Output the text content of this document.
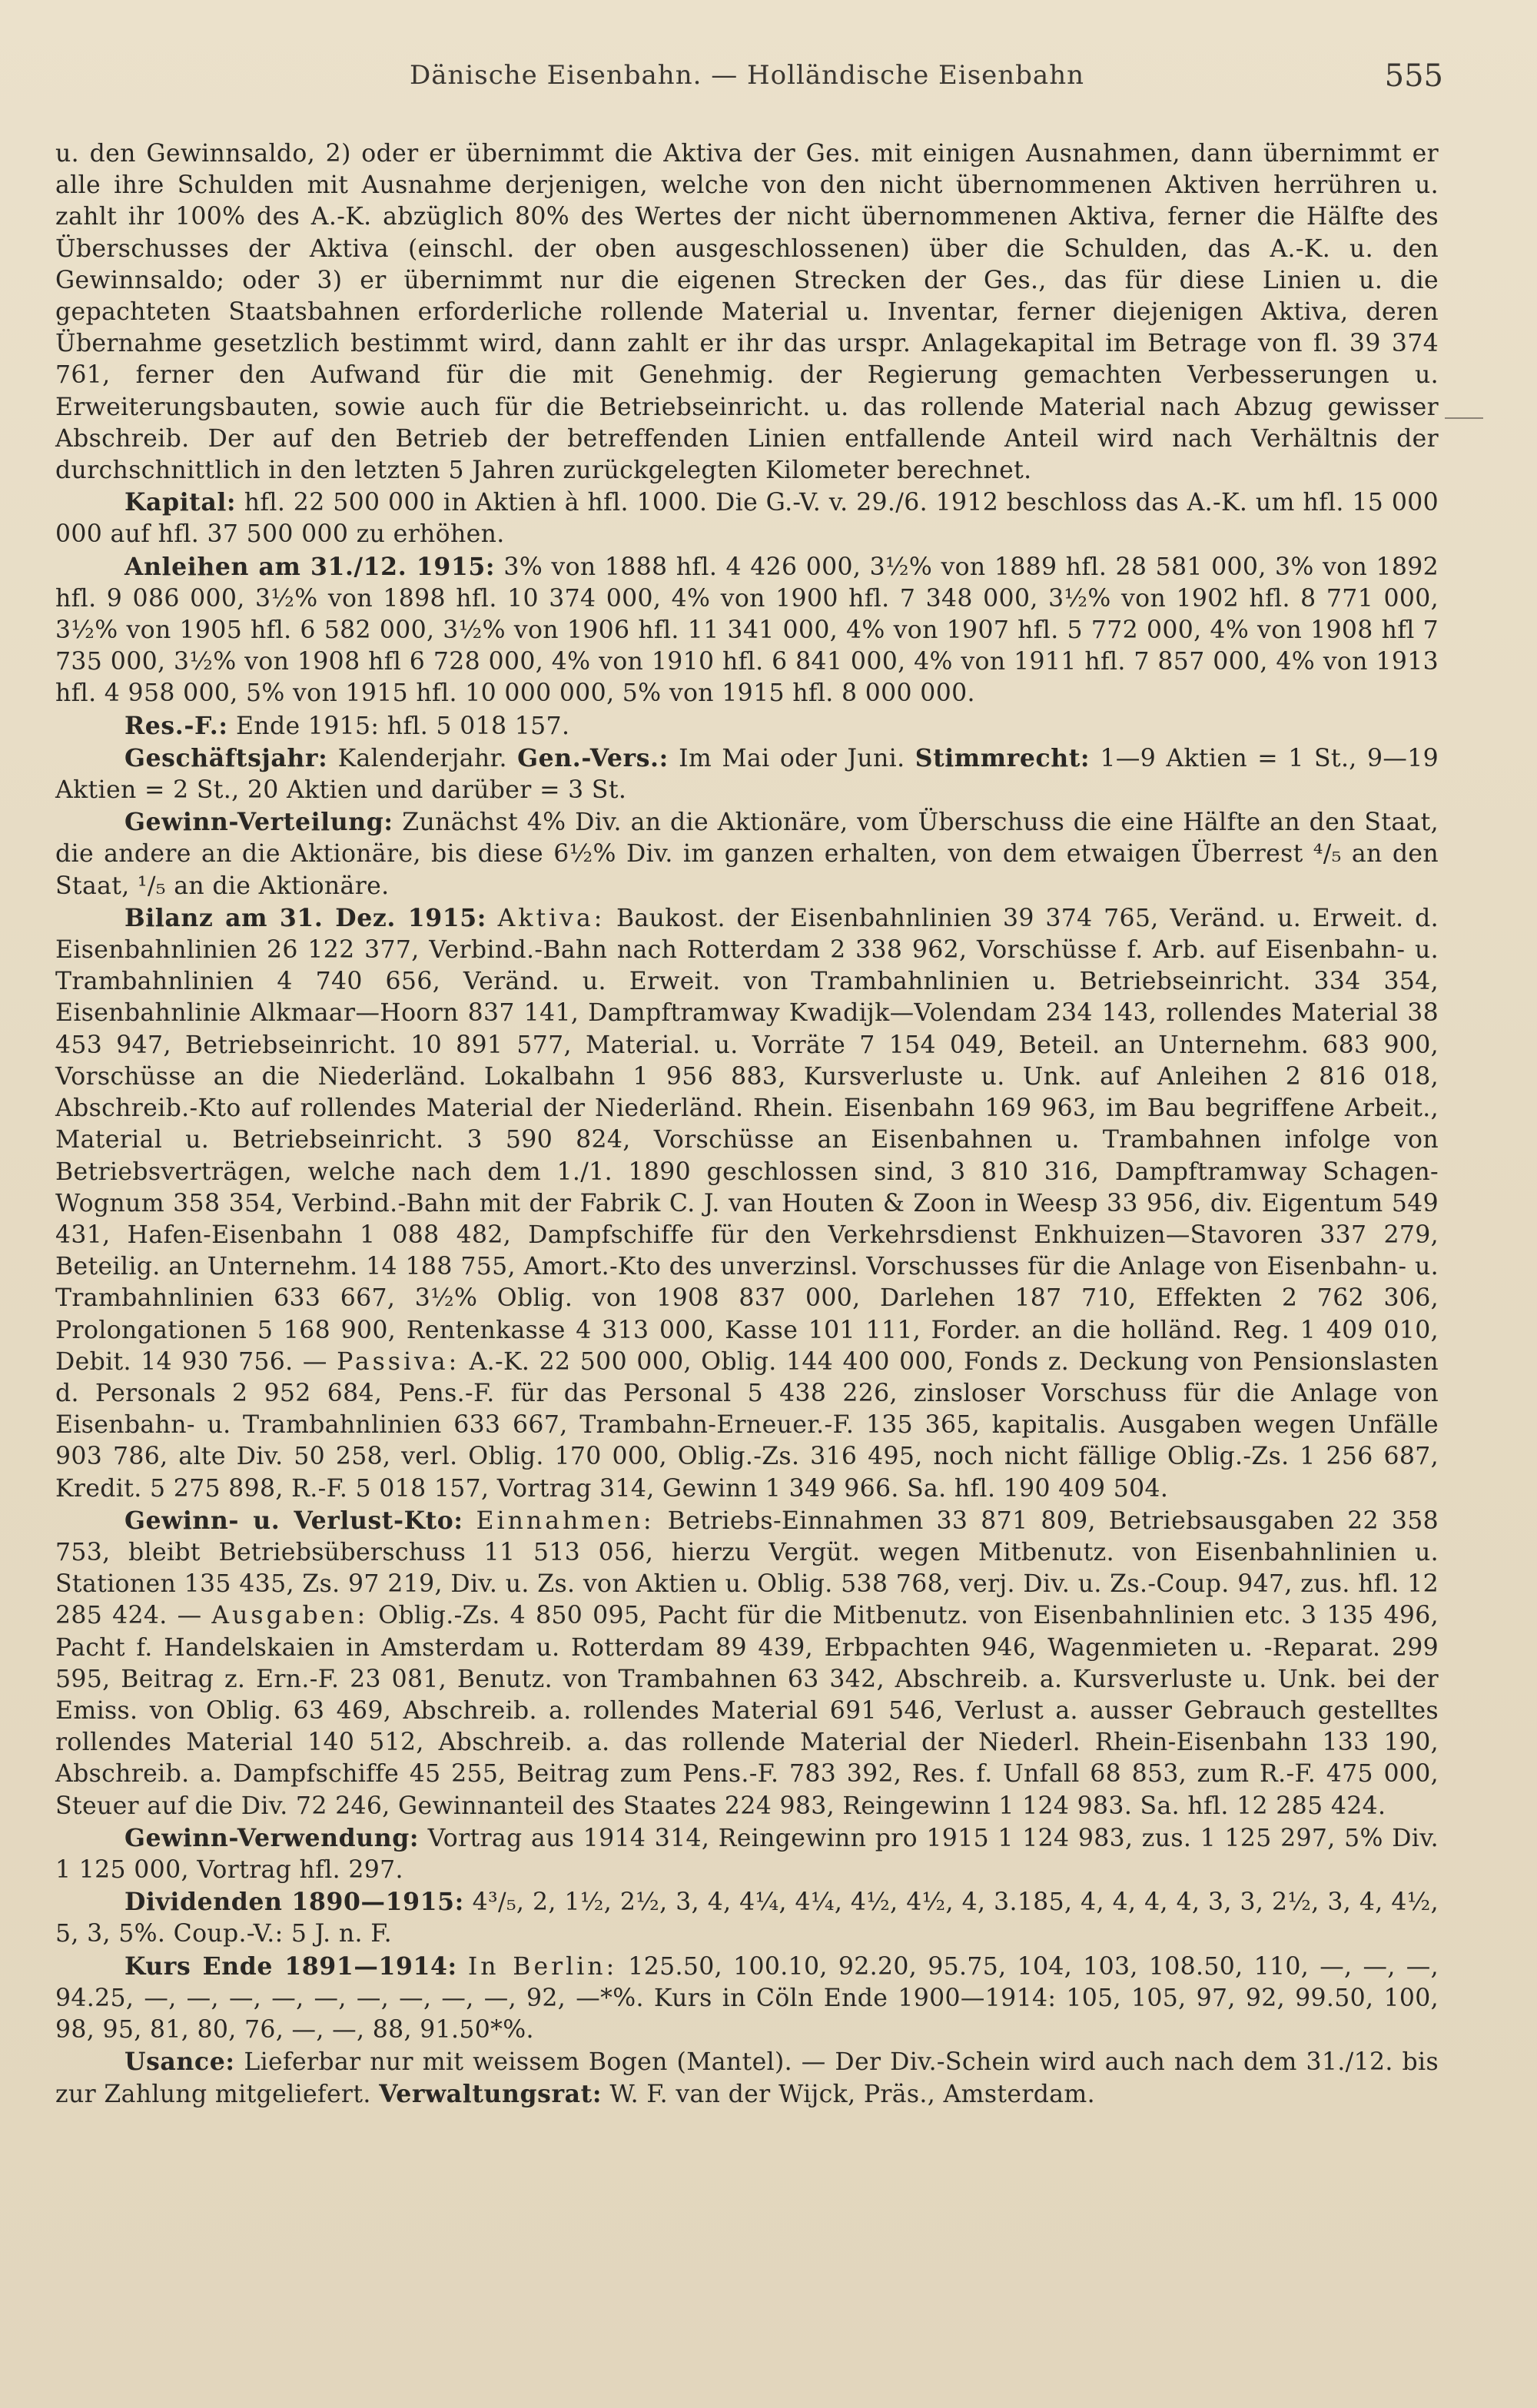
Dänische Eisenbahn. — Holländische Eisenbahn	555

u. den Gewinnsaldo, 2) oder er übernimmt die Aktiva der Ges. mit einigen Ausnahmen, dann übernimmt er alle ihre Schulden mit Ausnahme derjenigen, welche von den nicht übernommenen Aktiven herrühren u. zahlt ihr 100% des A.-K. abzüglich 80% des Wertes der nicht übernommenen Aktiva, ferner die Hälfte des Überschusses der Aktiva (einschl. der oben ausgeschlossenen) über die Schulden, das A.-K. u. den Gewinnsaldo; oder 3) er übernimmt nur die eigenen Strecken der Ges., das für diese Linien u. die gepachteten Staatsbahnen erforderliche rollende Material u. Inventar, ferner diejenigen Aktiva, deren Übernahme gesetzlich bestimmt wird, dann zahlt er ihr das urspr. Anlagekapital im Betrage von fl. 39 374 761, ferner den Aufwand für die mit Genehmig. der Regierung gemachten Verbesserungen u. Erweiterungsbauten, sowie auch für die Betriebseinricht. u. das rollende Material nach Abzug gewisser Abschreib. Der auf den Betrieb der betreffenden Linien entfallende Anteil wird nach Verhältnis der durchschnittlich in den letzten 5 Jahren zurückgelegten Kilometer berechnet.

Kapital: hfl. 22 500 000 in Aktien à hfl. 1000. Die G.-V. v. 29./6. 1912 beschloss das A.-K. um hfl. 15 000 000 auf hfl. 37 500 000 zu erhöhen.

Anleihen am 31./12. 1915: 3% von 1888 hfl. 4 426 000, 3½% von 1889 hfl. 28 581 000, 3% von 1892 hfl. 9 086 000, 3½% von 1898 hfl. 10 374 000, 4% von 1900 hfl. 7 348 000, 3½% von 1902 hfl. 8 771 000, 3½% von 1905 hfl. 6 582 000, 3½% von 1906 hfl. 11 341 000, 4% von 1907 hfl. 5 772 000, 4% von 1908 hfl 7 735 000, 3½% von 1908 hfl 6 728 000, 4% von 1910 hfl. 6 841 000, 4% von 1911 hfl. 7 857 000, 4% von 1913 hfl. 4 958 000, 5% von 1915 hfl. 10 000 000, 5% von 1915 hfl. 8 000 000.

Res.-F.: Ende 1915: hfl. 5 018 157.

Geschäftsjahr: Kalenderjahr. Gen.-Vers.: Im Mai oder Juni. Stimmrecht: 1—9 Aktien = 1 St., 9—19 Aktien = 2 St., 20 Aktien und darüber = 3 St.

Gewinn-Verteilung: Zunächst 4% Div. an die Aktionäre, vom Überschuss die eine Hälfte an den Staat, die andere an die Aktionäre, bis diese 6½% Div. im ganzen erhalten, von dem etwaigen Überrest ⁴/₅ an den Staat, ¹/₅ an die Aktionäre.

Bilanz am 31. Dez. 1915: Aktiva: Baukost. der Eisenbahnlinien 39 374 765, Veränd. u. Erweit. d. Eisenbahnlinien 26 122 377, Verbind.-Bahn nach Rotterdam 2 338 962, Vorschüsse f. Arb. auf Eisenbahn- u. Trambahnlinien 4 740 656, Veränd. u. Erweit. von Trambahnlinien u. Betriebseinricht. 334 354, Eisenbahnlinie Alkmaar—Hoorn 837 141, Dampftramway Kwadijk—Volendam 234 143, rollendes Material 38 453 947, Betriebseinricht. 10 891 577, Material. u. Vorräte 7 154 049, Beteil. an Unternehm. 683 900, Vorschüsse an die Niederländ. Lokalbahn 1 956 883, Kursverluste u. Unk. auf Anleihen 2 816 018, Abschreib.-Kto auf rollendes Material der Niederländ. Rhein. Eisenbahn 169 963, im Bau begriffene Arbeit., Material u. Betriebseinricht. 3 590 824, Vorschüsse an Eisenbahnen u. Trambahnen infolge von Betriebsverträgen, welche nach dem 1./1. 1890 geschlossen sind, 3 810 316, Dampftramway Schagen-Wognum 358 354, Verbind.-Bahn mit der Fabrik C. J. van Houten & Zoon in Weesp 33 956, div. Eigentum 549 431, Hafen-Eisenbahn 1 088 482, Dampfschiffe für den Verkehrsdienst Enkhuizen—Stavoren 337 279, Beteilig. an Unternehm. 14 188 755, Amort.-Kto des unverzinsl. Vorschusses für die Anlage von Eisenbahn- u. Trambahnlinien 633 667, 3½% Oblig. von 1908 837 000, Darlehen 187 710, Effekten 2 762 306, Prolongationen 5 168 900, Rentenkasse 4 313 000, Kasse 101 111, Forder. an die holländ. Reg. 1 409 010, Debit. 14 930 756. — Passiva: A.-K. 22 500 000, Oblig. 144 400 000, Fonds z. Deckung von Pensionslasten d. Personals 2 952 684, Pens.-F. für das Personal 5 438 226, zinsloser Vorschuss für die Anlage von Eisenbahn- u. Trambahnlinien 633 667, Trambahn-Erneuer.-F. 135 365, kapitalis. Ausgaben wegen Unfälle 903 786, alte Div. 50 258, verl. Oblig. 170 000, Oblig.-Zs. 316 495, noch nicht fällige Oblig.-Zs. 1 256 687, Kredit. 5 275 898, R.-F. 5 018 157, Vortrag 314, Gewinn 1 349 966. Sa. hfl. 190 409 504.

Gewinn- u. Verlust-Kto: Einnahmen: Betriebs-Einnahmen 33 871 809, Betriebsausgaben 22 358 753, bleibt Betriebsüberschuss 11 513 056, hierzu Vergüt. wegen Mitbenutz. von Eisenbahnlinien u. Stationen 135 435, Zs. 97 219, Div. u. Zs. von Aktien u. Oblig. 538 768, verj. Div. u. Zs.-Coup. 947, zus. hfl. 12 285 424. — Ausgaben: Oblig.-Zs. 4 850 095, Pacht für die Mitbenutz. von Eisenbahnlinien etc. 3 135 496, Pacht f. Handelskaien in Amsterdam u. Rotterdam 89 439, Erbpachten 946, Wagenmieten u. -Reparat. 299 595, Beitrag z. Ern.-F. 23 081, Benutz. von Trambahnen 63 342, Abschreib. a. Kursverluste u. Unk. bei der Emiss. von Oblig. 63 469, Abschreib. a. rollendes Material 691 546, Verlust a. ausser Gebrauch gestelltes rollendes Material 140 512, Abschreib. a. das rollende Material der Niederl. Rhein-Eisenbahn 133 190, Abschreib. a. Dampfschiffe 45 255, Beitrag zum Pens.-F. 783 392, Res. f. Unfall 68 853, zum R.-F. 475 000, Steuer auf die Div. 72 246, Gewinnanteil des Staates 224 983, Reingewinn 1 124 983. Sa. hfl. 12 285 424.

Gewinn-Verwendung: Vortrag aus 1914 314, Reingewinn pro 1915 1 124 983, zus. 1 125 297, 5% Div. 1 125 000, Vortrag hfl. 297.

Dividenden 1890—1915: 4³/₅, 2, 1½, 2½, 3, 4, 4¼, 4¼, 4½, 4½, 4, 3.185, 4, 4, 4, 4, 3, 3, 2½, 3, 4, 4½, 5, 3, 5%. Coup.-V.: 5 J. n. F.

Kurs Ende 1891—1914: In Berlin: 125.50, 100.10, 92.20, 95.75, 104, 103, 108.50, 110, —, —, —, 94.25, —, —, —, —, —, —, —, —, —, 92, —*%. Kurs in Cöln Ende 1900—1914: 105, 105, 97, 92, 99.50, 100, 98, 95, 81, 80, 76, —, —, 88, 91.50*%.

Usance: Lieferbar nur mit weissem Bogen (Mantel). — Der Div.-Schein wird auch nach dem 31./12. bis zur Zahlung mitgeliefert. Verwaltungsrat: W. F. van der Wijck, Präs., Amsterdam.
